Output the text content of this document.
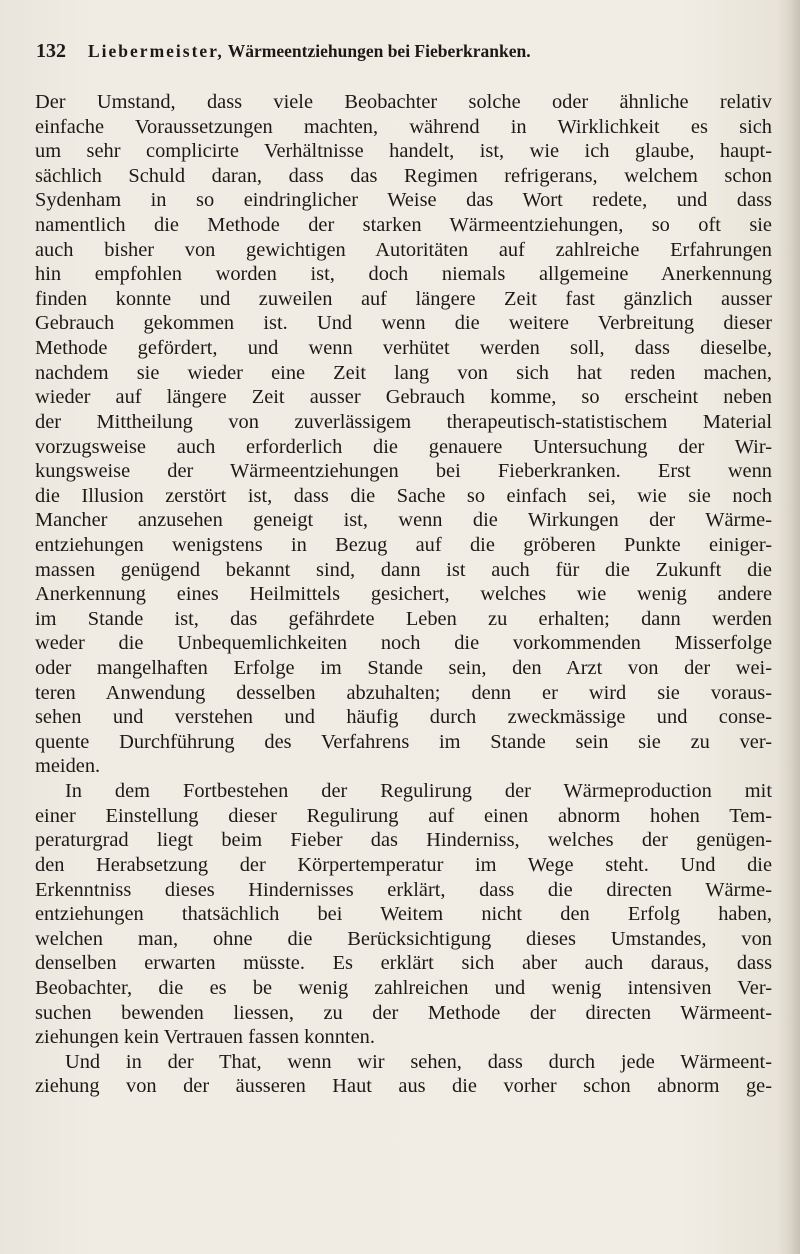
132 Liebermeister, Wärmeentziehungen bei Fieberkranken.
Der Umstand, dass viele Beobachter solche oder ähnliche relativ
einfache Voraussetzungen machten, während in Wirklichkeit es sich
um sehr complicirte Verhältnisse handelt, ist, wie ich glaube, haupt-
sächlich Schuld daran, dass das Regimen refrigerans, welchem schon
Sydenham in so eindringlicher Weise das Wort redete, und dass
namentlich die Methode der starken Wärmeentziehungen, so oft sie
auch bisher von gewichtigen Autoritäten auf zahlreiche Erfahrungen
hin empfohlen worden ist, doch niemals allgemeine Anerkennung
finden konnte und zuweilen auf längere Zeit fast gänzlich ausser
Gebrauch gekommen ist. Und wenn die weitere Verbreitung dieser
Methode gefördert, und wenn verhütet werden soll, dass dieselbe,
nachdem sie wieder eine Zeit lang von sich hat reden machen,
wieder auf längere Zeit ausser Gebrauch komme, so erscheint neben
der Mittheilung von zuverlässigem therapeutisch-statistischem Material
vorzugsweise auch erforderlich die genauere Untersuchung der Wir-
kungsweise der Wärmeentziehungen bei Fieberkranken. Erst wenn
die Illusion zerstört ist, dass die Sache so einfach sei, wie sie noch
Mancher anzusehen geneigt ist, wenn die Wirkungen der Wärme-
entziehungen wenigstens in Bezug auf die gröberen Punkte einiger-
massen genügend bekannt sind, dann ist auch für die Zukunft die
Anerkennung eines Heilmittels gesichert, welches wie wenig andere
im Stande ist, das gefährdete Leben zu erhalten; dann werden
weder die Unbequemlichkeiten noch die vorkommenden Misserfolge
oder mangelhaften Erfolge im Stande sein, den Arzt von der wei-
teren Anwendung desselben abzuhalten; denn er wird sie voraus-
sehen und verstehen und häufig durch zweckmässige und conse-
quente Durchführung des Verfahrens im Stande sein sie zu ver-
meiden.
In dem Fortbestehen der Regulirung der Wärmeproduction mit
einer Einstellung dieser Regulirung auf einen abnorm hohen Tem-
peraturgrad liegt beim Fieber das Hinderniss, welches der genügen-
den Herabsetzung der Körpertemperatur im Wege steht. Und die
Erkenntniss dieses Hindernisses erklärt, dass die directen Wärme-
entziehungen thatsächlich bei Weitem nicht den Erfolg haben,
welchen man, ohne die Berücksichtigung dieses Umstandes, von
denselben erwarten müsste. Es erklärt sich aber auch daraus, dass
Beobachter, die es be wenig zahlreichen und wenig intensiven Ver-
suchen bewenden liessen, zu der Methode der directen Wärmeent-
ziehungen kein Vertrauen fassen konnten.
Und in der That, wenn wir sehen, dass durch jede Wärmeent-
ziehung von der äusseren Haut aus die vorher schon abnorm ge-
